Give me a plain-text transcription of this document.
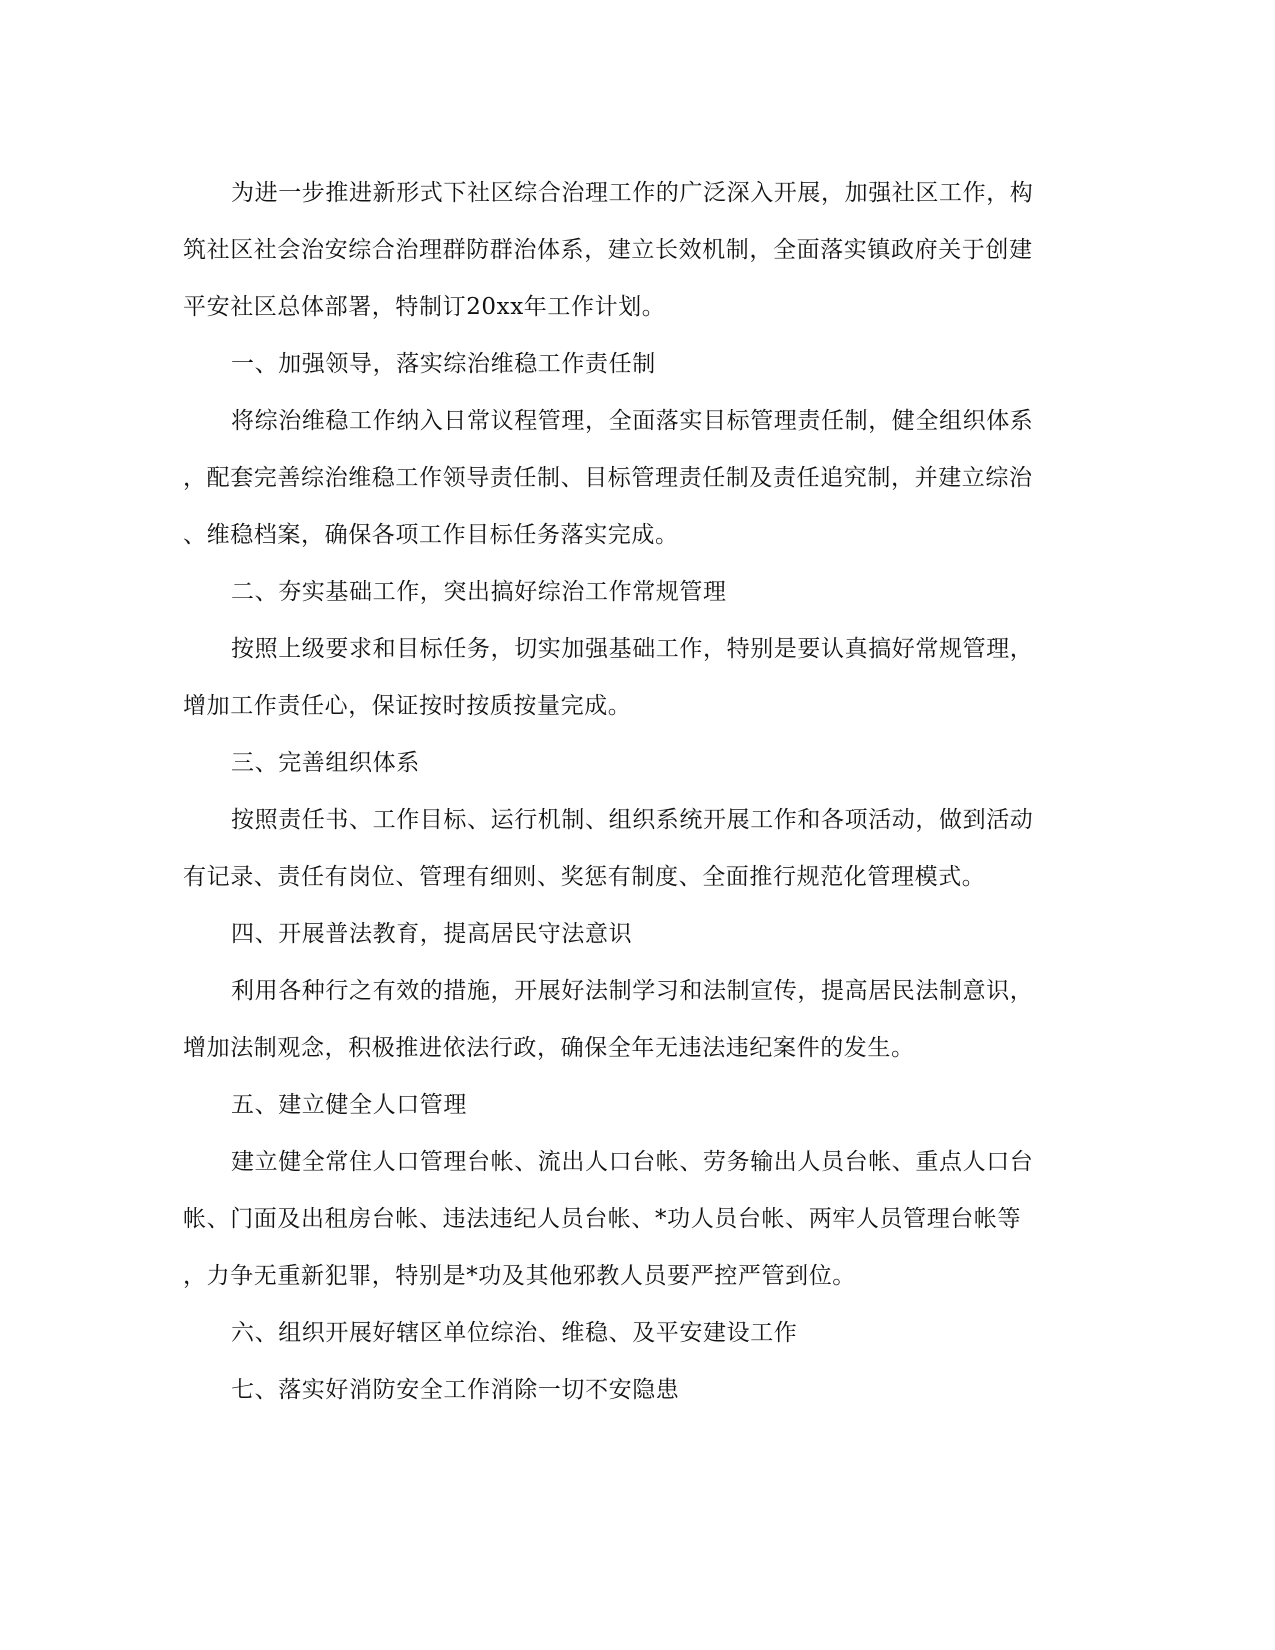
为进一步推进新形式下社区综合治理工作的广泛深入开展，加强社区工作，构
筑社区社会治安综合治理群防群治体系，建立长效机制，全面落实镇政府关于创建
平安社区总体部署，特制订20xx年工作计划。
一、加强领导，落实综治维稳工作责任制
将综治维稳工作纳入日常议程管理，全面落实目标管理责任制，健全组织体系
，配套完善综治维稳工作领导责任制、目标管理责任制及责任追究制，并建立综治
、维稳档案，确保各项工作目标任务落实完成。
二、夯实基础工作，突出搞好综治工作常规管理
按照上级要求和目标任务，切实加强基础工作，特别是要认真搞好常规管理，
增加工作责任心，保证按时按质按量完成。
三、完善组织体系
按照责任书、工作目标、运行机制、组织系统开展工作和各项活动，做到活动
有记录、责任有岗位、管理有细则、奖惩有制度、全面推行规范化管理模式。
四、开展普法教育，提高居民守法意识
利用各种行之有效的措施，开展好法制学习和法制宣传，提高居民法制意识，
增加法制观念，积极推进依法行政，确保全年无违法违纪案件的发生。
五、建立健全人口管理
建立健全常住人口管理台帐、流出人口台帐、劳务输出人员台帐、重点人口台
帐、门面及出租房台帐、违法违纪人员台帐、*功人员台帐、两牢人员管理台帐等
，力争无重新犯罪，特别是*功及其他邪教人员要严控严管到位。
六、组织开展好辖区单位综治、维稳、及平安建设工作
七、落实好消防安全工作消除一切不安隐患
